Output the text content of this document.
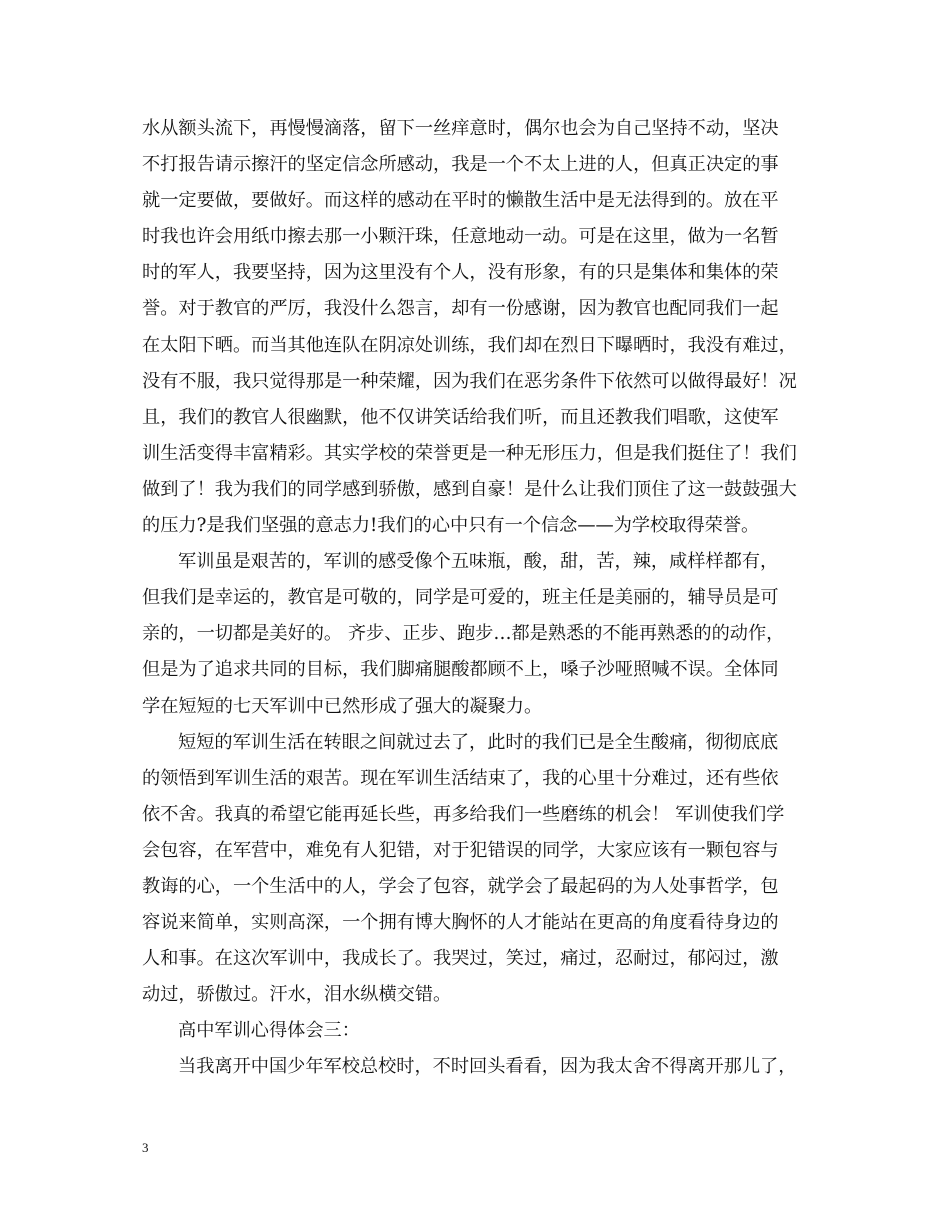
水从额头流下，再慢慢滴落，留下一丝痒意时，偶尔也会为自己坚持不动，坚决
不打报告请示擦汗的坚定信念所感动，我是一个不太上进的人，但真正决定的事
就一定要做，要做好。而这样的感动在平时的懒散生活中是无法得到的。放在平
时我也许会用纸巾擦去那一小颗汗珠，任意地动一动。可是在这里，做为一名暂
时的军人，我要坚持，因为这里没有个人，没有形象，有的只是集体和集体的荣
誉。对于教官的严厉，我没什么怨言，却有一份感谢，因为教官也配同我们一起
在太阳下晒。而当其他连队在阴凉处训练，我们却在烈日下曝晒时，我没有难过，
没有不服，我只觉得那是一种荣耀，因为我们在恶劣条件下依然可以做得最好！况
且，我们的教官人很幽默，他不仅讲笑话给我们听，而且还教我们唱歌，这使军
训生活变得丰富精彩。其实学校的荣誉更是一种无形压力，但是我们挺住了！我们
做到了！我为我们的同学感到骄傲，感到自豪！是什么让我们顶住了这一鼓鼓强大
的压力?是我们坚强的意志力!我们的心中只有一个信念——为学校取得荣誉。
军训虽是艰苦的，军训的感受像个五味瓶，酸，甜，苦，辣，咸样样都有，
但我们是幸运的，教官是可敬的，同学是可爱的，班主任是美丽的，辅导员是可
亲的，一切都是美好的。 齐步、正步、跑步…都是熟悉的不能再熟悉的的动作，
但是为了追求共同的目标，我们脚痛腿酸都顾不上，嗓子沙哑照喊不误。全体同
学在短短的七天军训中已然形成了强大的凝聚力。
短短的军训生活在转眼之间就过去了，此时的我们已是全生酸痛，彻彻底底
的领悟到军训生活的艰苦。现在军训生活结束了，我的心里十分难过，还有些依
依不舍。我真的希望它能再延长些，再多给我们一些磨练的机会！ 军训使我们学
会包容，在军营中，难免有人犯错，对于犯错误的同学，大家应该有一颗包容与
教诲的心，一个生活中的人，学会了包容，就学会了最起码的为人处事哲学，包
容说来简单，实则高深，一个拥有博大胸怀的人才能站在更高的角度看待身边的
人和事。在这次军训中，我成长了。我哭过，笑过，痛过，忍耐过，郁闷过，激
动过，骄傲过。汗水，泪水纵横交错。
高中军训心得体会三：
当我离开中国少年军校总校时，不时回头看看，因为我太舍不得离开那儿了，
3
